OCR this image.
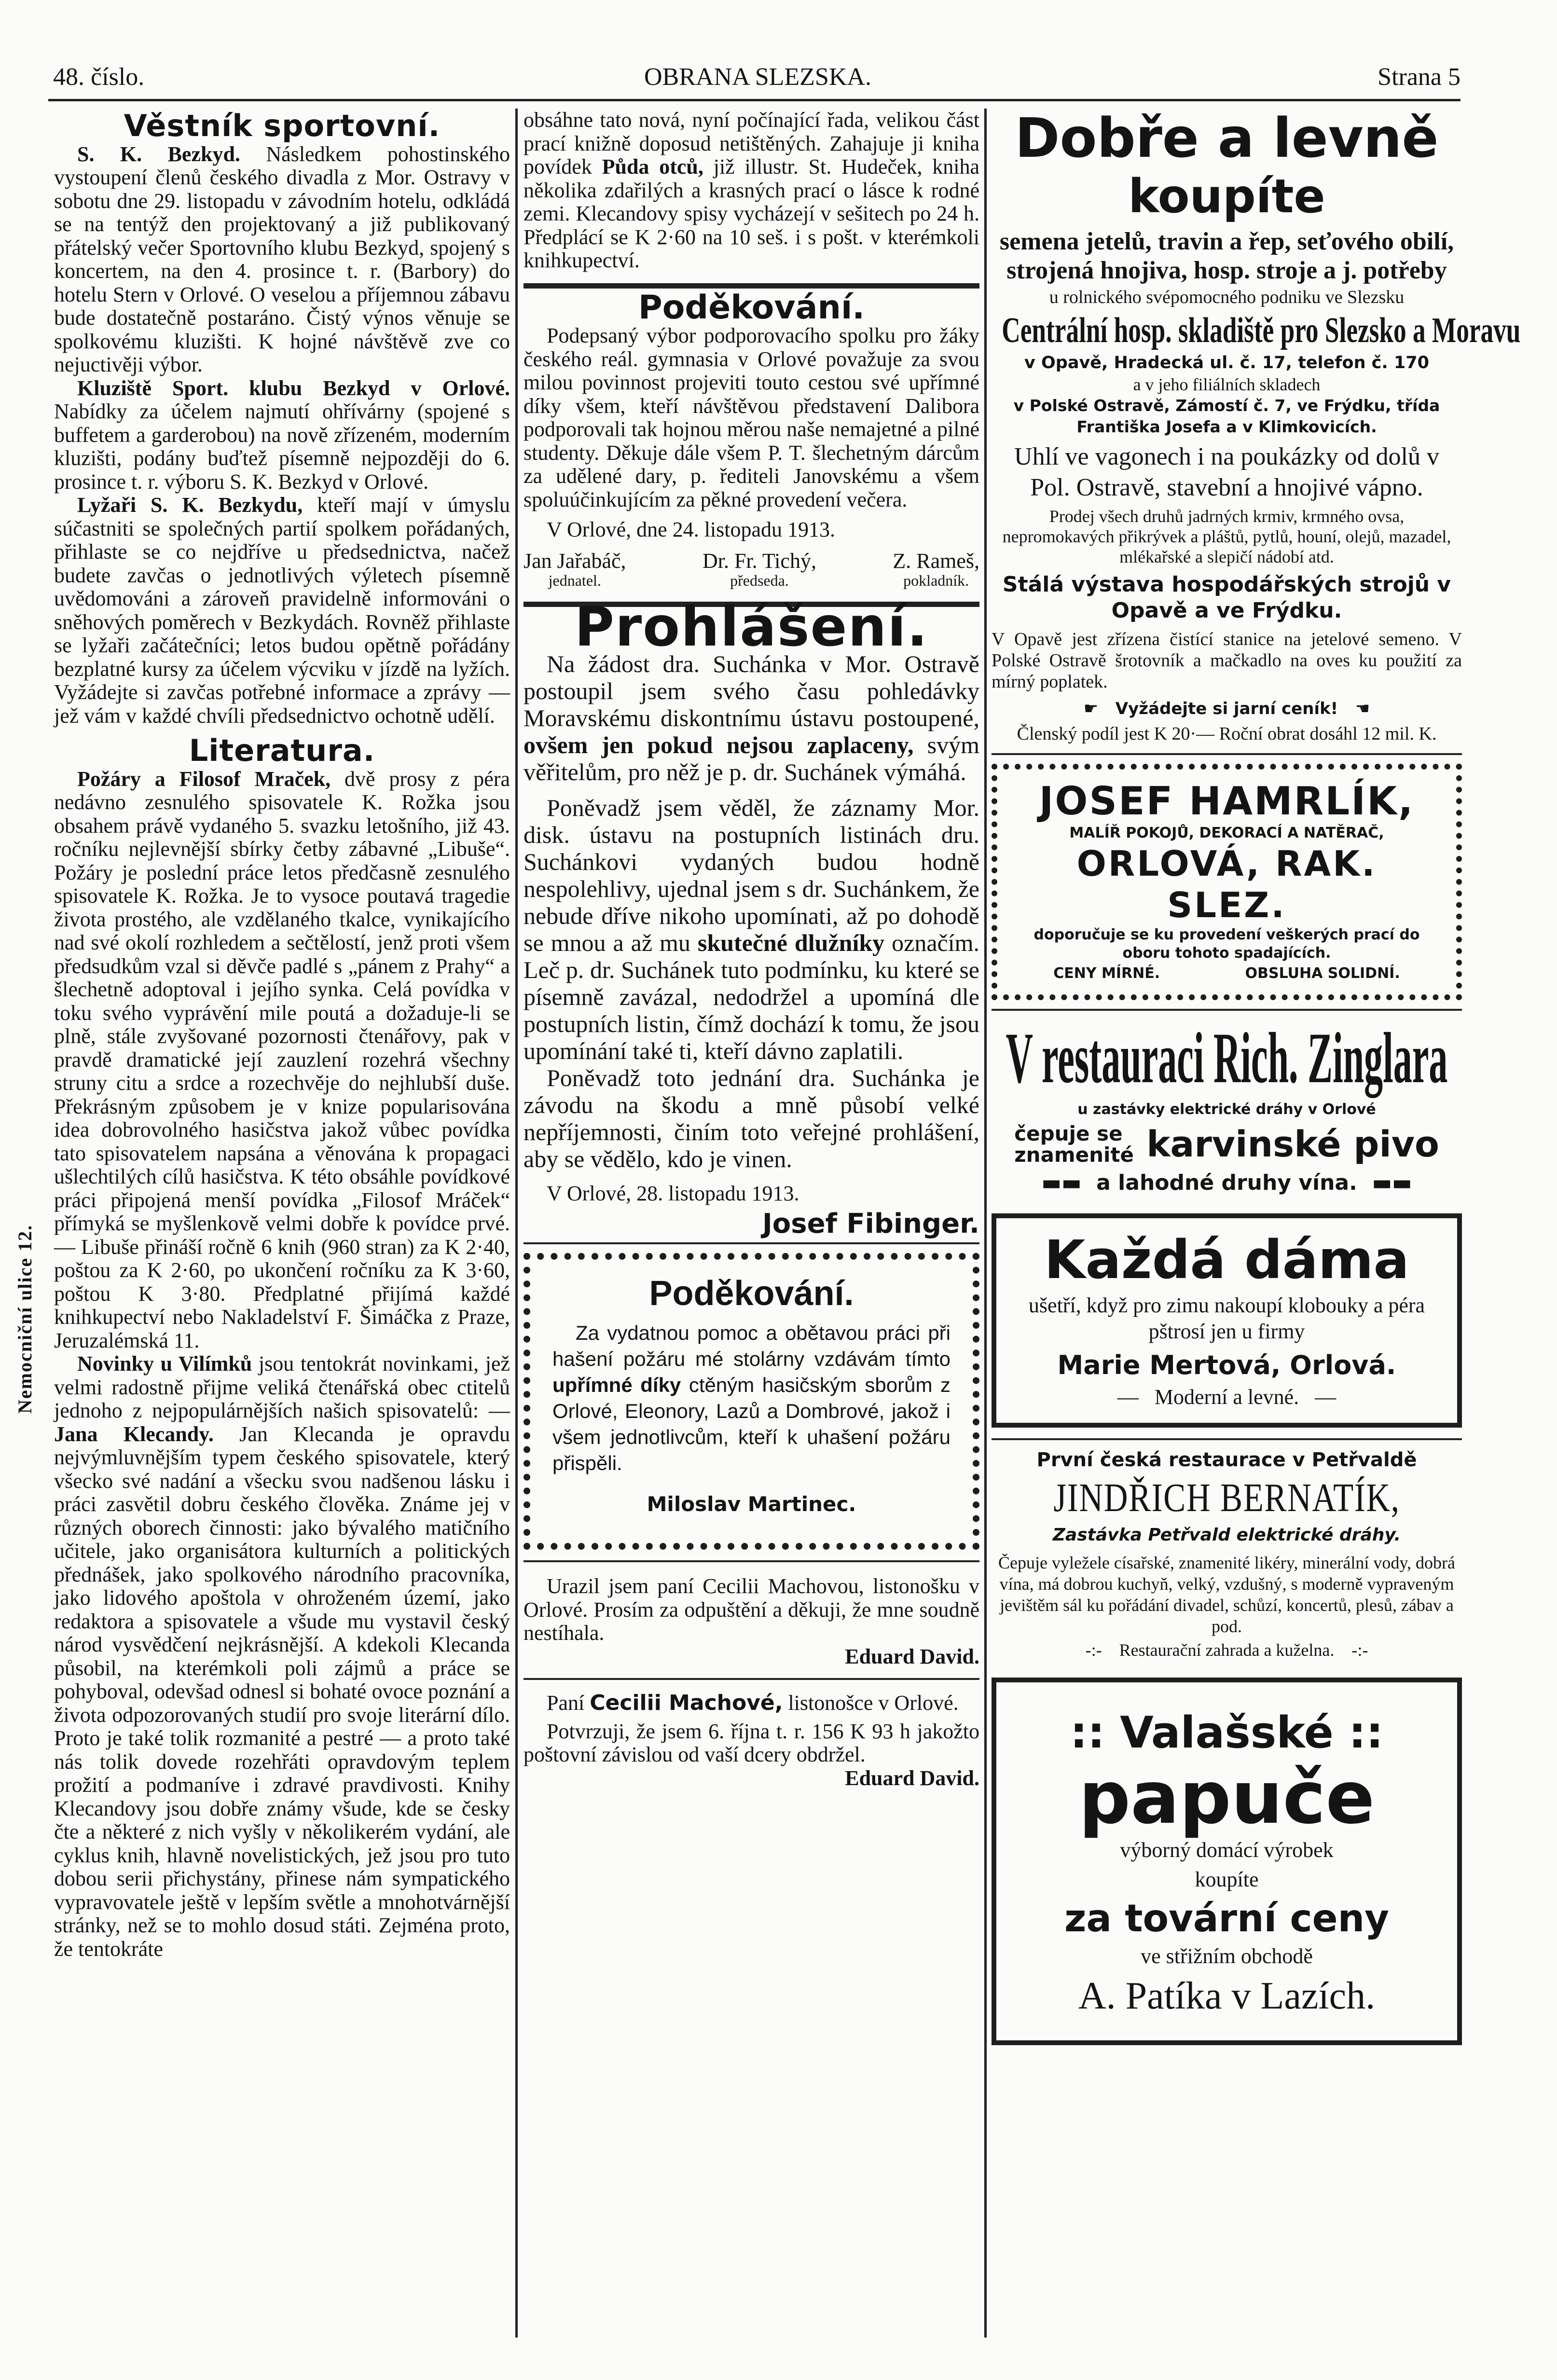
48. číslo.	OBRANA SLEZSKA.	Strana 5
Nemocniční ulice 12.
Věstník sportovní.

S. K. Bezkyd. Následkem pohostinského vystoupení členů českého divadla z Mor. Ostravy v sobotu dne 29. listopadu v závodním hotelu, odkládá se na tentýž den projektovaný a již publikovaný přátelský večer Sportovního klubu Bezkyd, spojený s koncertem, na den 4. prosince t. r. (Barbory) do hotelu Stern v Orlové. O veselou a příjemnou zábavu bude dostatečně postaráno. Čistý výnos věnuje se spolkovému kluzišti. K hojné návštěvě zve co nejuctivěji výbor.

Kluziště Sport. klubu Bezkyd v Orlové. Nabídky za účelem najmutí ohřívárny (spojené s buffetem a garderobou) na nově zřízeném, moderním kluzišti, podány buďtež písemně nejpozději do 6. prosince t. r. výboru S. K. Bezkyd v Orlové.

Lyžaři S. K. Bezkydu, kteří mají v úmyslu súčastniti se společných partií spolkem pořádaných, přihlaste se co nejdříve u předsednictva, načež budete zavčas o jednotlivých výletech písemně uvědomováni a zároveň pravidelně informováni o sněhových poměrech v Bezkydách. Rovněž přihlaste se lyžaři začátečníci; letos budou opětně pořádány bezplatné kursy za účelem výcviku v jízdě na lyžích. Vyžádejte si zavčas potřebné informace a zprávy — jež vám v každé chvíli předsednictvo ochotně udělí.

Literatura.

Požáry a Filosof Mraček, dvě prosy z péra nedávno zesnulého spisovatele K. Rožka jsou obsahem právě vydaného 5. svazku letošního, již 43. ročníku nejlevnější sbírky četby zábavné „Libuše“. Požáry je poslední práce letos předčasně zesnulého spisovatele K. Rožka. Je to vysoce poutavá tragedie života prostého, ale vzdělaného tkalce, vynikajícího nad své okolí rozhledem a sečtělostí, jenž proti všem předsudkům vzal si děvče padlé s „pánem z Prahy“ a šlechetně adoptoval i jejího synka. Celá povídka v toku svého vyprávění mile poutá a dožaduje-li se plně, stále zvyšované pozornosti čtenářovy, pak v pravdě dramatické její zauzlení rozehrá všechny struny citu a srdce a rozechvěje do nejhlubší duše. Překrásným způsobem je v knize popularisována idea dobrovolného hasičstva jakož vůbec povídka tato spisovatelem napsána a věnována k propagaci ušlechtilých cílů hasičstva. K této obsáhle povídkové práci připojená menší povídka „Filosof Mráček“ přímyká se myšlenkově velmi dobře k povídce prvé. — Libuše přináší ročně 6 knih (960 stran) za K 2·40, poštou za K 2·60, po ukončení ročníku za K 3·60, poštou K 3·80. Předplatné přijímá každé knihkupectví nebo Nakladelství F. Šimáčka z Praze, Jeruzalémská 11.

Novinky u Vilímků jsou tentokrát novinkami, jež velmi radostně přijme veliká čtenářská obec ctitelů jednoho z nejpopulárnějších našich spisovatelů: — Jana Klecandy. Jan Klecanda je opravdu nejvýmluvnějším typem českého spisovatele, který všecko své nadání a všecku svou nadšenou lásku i práci zasvětil dobru českého člověka. Známe jej v různých oborech činnosti: jako bývalého matičního učitele, jako organisátora kulturních a politických přednášek, jako spolkového národního pracovníka, jako lidového apoštola v ohroženém území, jako redaktora a spisovatele a všude mu vystavil český národ vysvědčení nejkrásnější. A kdekoli Klecanda působil, na kterémkoli poli zájmů a práce se pohyboval, odevšad odnesl si bohaté ovoce poznání a života odpozorovaných studií pro svoje literární dílo. Proto je také tolik rozmanité a pestré — a proto také nás tolik dovede rozehřáti opravdovým teplem prožití a podmaníve i zdravé pravdivosti. Knihy Klecandovy jsou dobře známy všude, kde se česky čte a některé z nich vyšly v několikerém vydání, ale cyklus knih, hlavně novelistických, jež jsou pro tuto dobou serii přichystány, přinese nám sympatického vypravovatele ještě v lepším světle a mnohotvárnější stránky, než se to mohlo dosud státi. Zejména proto, že tentokráte

obsáhne tato nová, nyní počínající řada, velikou část prací knižně doposud netištěných. Zahajuje ji kniha povídek Půda otců, již illustr. St. Hudeček, kniha několika zdařilých a krasných prací o lásce k rodné zemi. Klecandovy spisy vycházejí v sešitech po 24 h. Předplácí se K 2·60 na 10 seš. i s pošt. v kterémkoli knihkupectví.

Poděkování.

Podepsaný výbor podporovacího spolku pro žáky českého reál. gymnasia v Orlové považuje za svou milou povinnost projeviti touto cestou své upřímné díky všem, kteří návštěvou představení Dalibora podporovali tak hojnou měrou naše nemajetné a pilné studenty. Děkuje dále všem P. T. šlechetným dárcům za udělené dary, p. řediteli Janovskému a všem spoluúčinkujícím za pěkné provedení večera.

V Orlové, dne 24. listopadu 1913.

Jan Jařabáč,
jednatel.
Dr. Fr. Tichý,
předseda.
Z. Rameš,
pokladník.
Prohlášení.

Na žádost dra. Suchánka v Mor. Ostravě postoupil jsem svého času pohledávky Moravskému diskontnímu ústavu postoupené, ovšem jen pokud nejsou zaplaceny, svým věřitelům, pro něž je p. dr. Suchánek výmáhá.

Poněvadž jsem věděl, že záznamy Mor. disk. ústavu na postupních listinách dru. Suchánkovi vydaných budou hodně nespolehlivy, ujednal jsem s dr. Suchánkem, že nebude dříve nikoho upomínati, až po dohodě se mnou a až mu skutečné dlužníky označím. Leč p. dr. Suchánek tuto podmínku, ku které se písemně zavázal, nedodržel a upomíná dle postupních listin, čímž dochází k tomu, že jsou upomínání také ti, kteří dávno zaplatili.

Poněvadž toto jednání dra. Suchánka je závodu na škodu a mně působí velké nepříjemnosti, činím toto veřejné prohlášení, aby se vědělo, kdo je vinen.

V Orlové, 28. listopadu 1913.

Josef Fibinger.
Poděkování.

Za vydatnou pomoc a obětavou práci při hašení požáru mé stolárny vzdávám tímto upřímné díky ctěným hasičským sborům z Orlové, Eleonory, Lazů a Dombrové, jakož i všem jednotlivcům, kteří k uhašení požáru přispěli.

Miloslav Martinec.

Urazil jsem paní Cecilii Machovou, listonošku v Orlové. Prosím za odpuštění a děkuji, že mne soudně nestíhala.

Eduard David.

Paní Cecilii Machové, listonošce v Orlové.

Potvrzuji, že jsem 6. října t. r. 156 K 93 h jakožto poštovní závislou od vaší dcery obdržel.

Eduard David.
Dobře a levně
koupíte
semena jetelů, travin a řep, seťového obilí, strojená hnojiva, hosp. stroje a j. potřeby
u rolnického svépomocného podniku ve Slezsku
Centrální hosp. skladiště pro Slezsko a Moravu
v Opavě, Hradecká ul. č. 17, telefon č. 170
a v jeho filiálních skladech
v Polské Ostravě, Zámostí č. 7, ve Frýdku, třída Františka Josefa a v Klimkovicích.
Uhlí ve vagonech i na poukázky od dolů v Pol. Ostravě, stavební a hnojivé vápno.
Prodej všech druhů jadrných krmiv, krmného ovsa, nepromokavých přikrývek a pláštů, pytlů, houní, olejů, mazadel, mlékařské a slepičí nádobí atd.
Stálá výstava hospodářských strojů v Opavě a ve Frýdku.
V Opavě jest zřízena čistící stanice na jetelové semeno. V Polské Ostravě šrotovník a mačkadlo na oves ku použití za mírný poplatek.
☛   Vyžádejte si jarní ceník!   ☚
Členský podíl jest K 20·— Roční obrat dosáhl 12 mil. K.
JOSEF HAMRLÍK,
MALÍŘ POKOJŮ, DEKORACÍ A NATĚRAČ,
ORLOVÁ, RAK. SLEZ.
doporučuje se ku provedení veškerých prací do oboru tohoto spadajících.
CENY MÍRNÉ.	OBSLUHA SOLIDNÍ.
V restauraci Rich. Zinglara
u zastávky elektrické dráhy v Orlové
čepuje se znamenité karvinské pivo
▬▬  a lahodné druhy vína.  ▬▬
Každá dáma
ušetří, když pro zimu nakoupí klobouky a péra pštrosí jen u firmy
Marie Mertová, Orlová.
—   Moderní a levné.   —
První česká restaurace v Petřvaldě
JINDŘICH BERNATÍK,
Zastávka Petřvald elektrické dráhy.
Čepuje vyležele císařské, znamenité likéry, minerální vody, dobrá vína, má dobrou kuchyň, velký, vzdušný, s moderně vypraveným jevištěm sál ku pořádání divadel, schůzí, koncertů, plesů, zábav a pod.
-:-    Restaurační zahrada a kuželna.    -:-
:: Valašské ::
papuče
výborný domácí výrobek
koupíte
za tovární ceny
ve střižním obchodě
A. Patíka v Lazích.
